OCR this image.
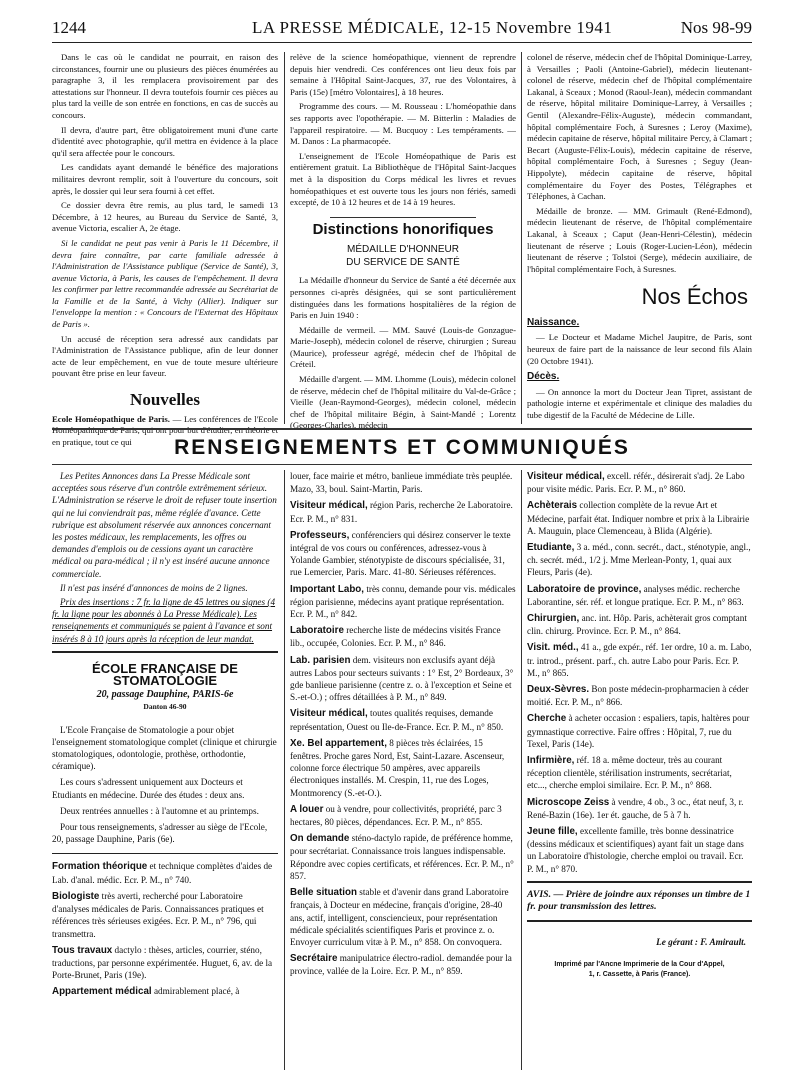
1244	LA PRESSE MÉDICALE, 12-15 Novembre 1941	Nos 98-99

Dans le cas où le candidat ne pourrait, en raison des circonstances, fournir une ou plusieurs des pièces énumérées au paragraphe 3, il les remplacera provisoirement par des attestations sur l'honneur. Il devra toutefois fournir ces pièces au plus tard la veille de son entrée en fonctions, en cas de succès au concours.

Il devra, d'autre part, être obligatoirement muni d'une carte d'identité avec photographie, qu'il mettra en évidence à la place qu'il sera affectée pour le concours.

Les candidats ayant demandé le bénéfice des majorations militaires devront remplir, soit à l'ouverture du concours, soit après, le dossier qui leur sera fourni à cet effet.

Ce dossier devra être remis, au plus tard, le samedi 13 Décembre, à 12 heures, au Bureau du Service de Santé, 3, avenue Victoria, escalier A, 2e étage.

Si le candidat ne peut pas venir à Paris le 11 Décembre, il devra faire connaître, par carte familiale adressée à l'Administration de l'Assistance publique (Service de Santé), 3, avenue Victoria, à Paris, les causes de l'empêchement. Il devra les confirmer par lettre recommandée adressée au Secrétariat de la Famille et de la Santé, à Vichy (Allier). Indiquer sur l'enveloppe la mention : « Concours de l'Externat des Hôpitaux de Paris ».

Un accusé de réception sera adressé aux candidats par l'Administration de l'Assistance publique, afin de leur donner acte de leur empêchement, en vue de toute mesure ultérieure pouvant être prise en leur faveur.

Nouvelles

Ecole Homéopathique de Paris. — Les conférences de l'Ecole Homéopathique de Paris, qui ont pour but d'étudier, en théorie et en pratique, tout ce qui

relève de la science homéopathique, viennent de reprendre depuis hier vendredi. Ces conférences ont lieu deux fois par semaine à l'Hôpital Saint-Jacques, 37, rue des Volontaires, à Paris (15e) [métro Volontaires], à 18 heures.

Programme des cours. — M. Rousseau : L'homéopathie dans ses rapports avec l'opothérapie. — M. Bitterlin : Maladies de l'appareil respiratoire. — M. Bucquoy : Les tempéraments. — M. Danos : La pharmacopée.

L'enseignement de l'Ecole Homéopathique de Paris est entièrement gratuit. La Bibliothèque de l'Hôpital Saint-Jacques met à la disposition du Corps médical les livres et revues homéopathiques et est ouverte tous les jours non fériés, samedi excepté, de 10 à 12 heures et de 14 à 19 heures.

Distinctions honorifiques
MÉDAILLE D'HONNEUR
DU SERVICE DE SANTÉ

La Médaille d'honneur du Service de Santé a été décernée aux personnes ci-après désignées, qui se sont particulièrement distinguées dans les formations hospitalières de la région de Paris en Juin 1940 :

Médaille de vermeil. — MM. Sauvé (Louis-de Gonzague-Marie-Joseph), médecin colonel de réserve, chirurgien ; Sureau (Maurice), professeur agrégé, médecin chef de l'hôpital de Créteil.

Médaille d'argent. — MM. Lhomme (Louis), médecin colonel de réserve, médecin chef de l'hôpital militaire du Val-de-Grâce ; Vieille (Jean-Raymond-Georges), médecin colonel, médecin chef de l'hôpital militaire Bégin, à Saint-Mandé ; Lorentz (Georges-Charles), médecin

colonel de réserve, médecin chef de l'hôpital Dominique-Larrey, à Versailles ; Paoli (Antoine-Gabriel), médecin lieutenant-colonel de réserve, médecin chef de l'hôpital complémentaire Lakanal, à Sceaux ; Monod (Raoul-Jean), médecin commandant de réserve, hôpital militaire Dominique-Larrey, à Versailles ; Gentil (Alexandre-Félix-Auguste), médecin commandant, hôpital complémentaire Foch, à Suresnes ; Leroy (Maxime), médecin capitaine de réserve, hôpital militaire Percy, à Clamart ; Becart (Auguste-Félix-Louis), médecin capitaine de réserve, hôpital complémentaire Foch, à Suresnes ; Seguy (Jean-Hippolyte), médecin capitaine de réserve, hôpital complémentaire du Foyer des Postes, Télégraphes et Téléphones, à Cachan.

Médaille de bronze. — MM. Grimault (René-Edmond), médecin lieutenant de réserve, de l'hôpital complémentaire Lakanal, à Sceaux ; Caput (Jean-Henri-Célestin), médecin lieutenant de réserve ; Louis (Roger-Lucien-Léon), médecin lieutenant de réserve ; Tolstoi (Serge), médecin auxiliaire, de l'hôpital complémentaire Foch, à Suresnes.

Nos Échos
Naissance.

— Le Docteur et Madame Michel Jaupitre, de Paris, sont heureux de faire part de la naissance de leur second fils Alain (20 Octobre 1941).

Décès.

— On annonce la mort du Docteur Jean Tipret, assistant de pathologie interne et expérimentale et clinique des maladies du tube digestif de la Faculté de Médecine de Lille.

RENSEIGNEMENTS ET COMMUNIQUÉS

Les Petites Annonces dans La Presse Médicale sont acceptées sous réserve d'un contrôle extrêmement sérieux. L'Administration se réserve le droit de refuser toute insertion qui ne lui conviendrait pas, même réglée d'avance. Cette rubrique est absolument réservée aux annonces concernant les postes médicaux, les remplacements, les offres ou demandes d'emplois ou de cessions ayant un caractère médical ou para-médical ; il n'y est inséré aucune annonce commerciale.

Il n'est pas inséré d'annonces de moins de 2 lignes.

Prix des insertions : 7 fr. la ligne de 45 lettres ou signes (4 fr. la ligne pour les abonnés à La Presse Médicale). Les renseignements et communiqués se paient à l'avance et sont insérés 8 à 10 jours après la réception de leur mandat.

ÉCOLE FRANÇAISE DE STOMATOLOGIE
20, passage Dauphine, PARIS-6e
Danton 46-90

L'Ecole Française de Stomatologie a pour objet l'enseignement stomatologique complet (clinique et chirurgie stomatologiques, odontologie, prothèse, orthodontie, céramique).

Les cours s'adressent uniquement aux Docteurs et Etudiants en médecine. Durée des études : deux ans.

Deux rentrées annuelles : à l'automne et au printemps.

Pour tous renseignements, s'adresser au siège de l'Ecole, 20, passage Dauphine, Paris (6e).

Formation théorique et technique complètes d'aides de Lab. d'anal. médic. Ecr. P. M., n° 740.

Biologiste très averti, recherché pour Laboratoire d'analyses médicales de Paris. Connaissances pratiques et références très sérieuses exigées. Ecr. P. M., n° 796, qui transmettra.

Tous travaux dactylo : thèses, articles, courrier, sténo, traductions, par personne expérimentée. Huguet, 6, av. de la Porte-Brunet, Paris (19e).

Appartement médical admirablement placé, à

louer, face mairie et métro, banlieue immédiate très peuplée. Mazo, 33, boul. Saint-Martin, Paris.

Visiteur médical, région Paris, recherche 2e Laboratoire. Ecr. P. M., n° 831.

Professeurs, conférenciers qui désirez conserver le texte intégral de vos cours ou conférences, adressez-vous à Yolande Gambier, sténotypiste de discours spécialisée, 31, rue Lemercier, Paris. Marc. 41-80. Sérieuses références.

Important Labo, très connu, demande pour vis. médicales région parisienne, médecins ayant pratique représentation. Ecr. P. M., n° 842.

Laboratoire recherche liste de médecins visités France lib., occupée, Colonies. Ecr. P. M., n° 846.

Lab. parisien dem. visiteurs non exclusifs ayant déjà autres Labos pour secteurs suivants : 1° Est, 2° Bordeaux, 3° gde banlieue parisienne (centre z. o. à l'exception et Seine et S.-et-O.) ; offres détaillées à P. M., n° 849.

Visiteur médical, toutes qualités requises, demande représentation, Ouest ou Ile-de-France. Ecr. P. M., n° 850.

Xe. Bel appartement, 8 pièces très éclairées, 15 fenêtres. Proche gares Nord, Est, Saint-Lazare. Ascenseur, colonne force électrique 50 ampères, avec appareils électroniques installés. M. Crespin, 11, rue des Loges, Montmorency (S.-et-O.).

A louer ou à vendre, pour collectivités, propriété, parc 3 hectares, 80 pièces, dépendances. Ecr. P. M., n° 855.

On demande sténo-dactylo rapide, de préférence homme, pour secrétariat. Connaissance trois langues indispensable. Répondre avec copies certificats, et références. Ecr. P. M., n° 857.

Belle situation stable et d'avenir dans grand Laboratoire français, à Docteur en médecine, français d'origine, 28-40 ans, actif, intelligent, consciencieux, pour représentation médicale spécialités scientifiques Paris et province z. o. Envoyer curriculum vitæ à P. M., n° 858. On convoquera.

Secrétaire manipulatrice électro-radiol. demandée pour la province, vallée de la Loire. Ecr. P. M., n° 859.

Visiteur médical, excell. référ., désirerait s'adj. 2e Labo pour visite médic. Paris. Ecr. P. M., n° 860.

Achèterais collection complète de la revue Art et Médecine, parfait état. Indiquer nombre et prix à la Librairie A. Mauguin, place Clemenceau, à Blida (Algérie).

Etudiante, 3 a. méd., conn. secrét., dact., sténotypie, angl., ch. secrét. méd., 1/2 j. Mme Merlean-Ponty, 1, quai aux Fleurs, Paris (4e).

Laboratoire de province, analyses médic. recherche Laborantine, sér. réf. et longue pratique. Ecr. P. M., n° 863.

Chirurgien, anc. int. Hôp. Paris, achèterait gros comptant clin. chirurg. Province. Ecr. P. M., n° 864.

Visit. méd., 41 a., gde expér., réf. 1er ordre, 10 a. m. Labo, tr. introd., présent. parf., ch. autre Labo pour Paris. Ecr. P. M., n° 865.

Deux-Sèvres. Bon poste médecin-propharmacien à céder moitié. Ecr. P. M., n° 866.

Cherche à acheter occasion : espaliers, tapis, haltères pour gymnastique corrective. Faire offres : Hôpital, 7, rue du Texel, Paris (14e).

Infirmière, réf. 18 a. même docteur, très au courant réception clientèle, stérilisation instruments, secrétariat, etc..., cherche emploi similaire. Ecr. P. M., n° 868.

Microscope Zeiss à vendre, 4 ob., 3 oc., état neuf, 3, r. René-Bazin (16e). 1er ét. gauche, de 5 à 7 h.

Jeune fille, excellente famille, très bonne dessinatrice (dessins médicaux et scientifiques) ayant fait un stage dans un Laboratoire d'histologie, cherche emploi ou travail. Ecr. P. M., n° 870.

AVIS. — Prière de joindre aux réponses un timbre de 1 fr. pour transmission des lettres.
Le gérant : F. Amirault.
Imprimé par l'Ancne Imprimerie de la Cour d'Appel,
1, r. Cassette, à Paris (France).
